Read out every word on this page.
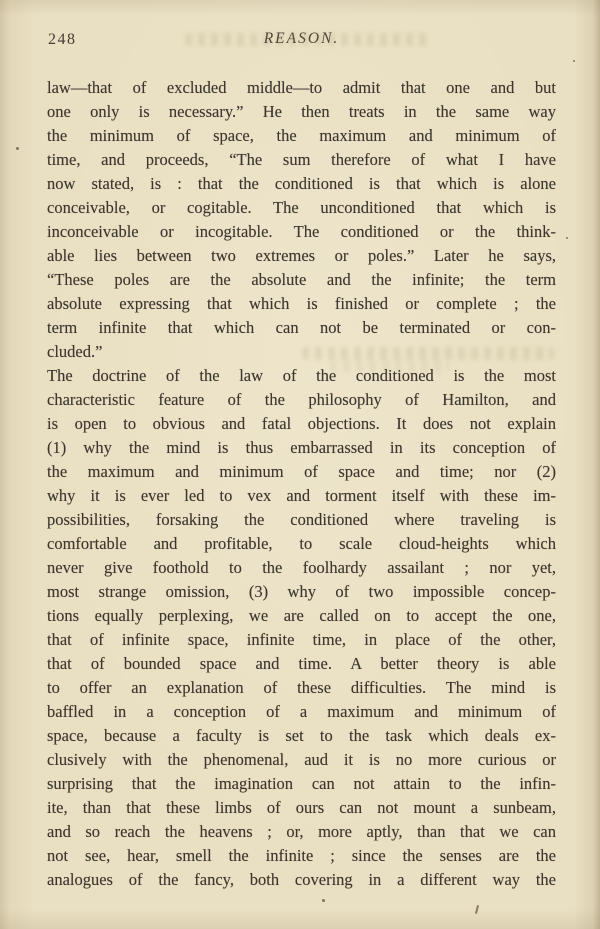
248	REASON.
law—that of excluded middle—to admit that one and but
one only is necessary.” He then treats in the same way
the minimum of space, the maximum and minimum of
time, and proceeds, “The sum therefore of what I have
now stated, is : that the conditioned is that which is alone
conceivable, or cogitable. The unconditioned that which is
inconceivable or incogitable. The conditioned or the think-
able lies between two extremes or poles.” Later he says,
“These poles are the absolute and the infinite; the term
absolute expressing that which is finished or complete ; the
term infinite that which can not be terminated or con-
cluded.”
The doctrine of the law of the conditioned is the most
characteristic feature of the philosophy of Hamilton, and
is open to obvious and fatal objections. It does not explain
(1) why the mind is thus embarrassed in its conception of
the maximum and minimum of space and time; nor (2)
why it is ever led to vex and torment itself with these im-
possibilities, forsaking the conditioned where traveling is
comfortable and profitable, to scale cloud-heights which
never give foothold to the foolhardy assailant ; nor yet,
most strange omission, (3) why of two impossible concep-
tions equally perplexing, we are called on to accept the one,
that of infinite space, infinite time, in place of the other,
that of bounded space and time. A better theory is able
to offer an explanation of these difficulties. The mind is
baffled in a conception of a maximum and minimum of
space, because a faculty is set to the task which deals ex-
clusively with the phenomenal, aud it is no more curious or
surprising that the imagination can not attain to the infin-
ite, than that these limbs of ours can not mount a sunbeam,
and so reach the heavens ; or, more aptly, than that we can
not see, hear, smell the infinite ; since the senses are the
analogues of the fancy, both covering in a different way the
